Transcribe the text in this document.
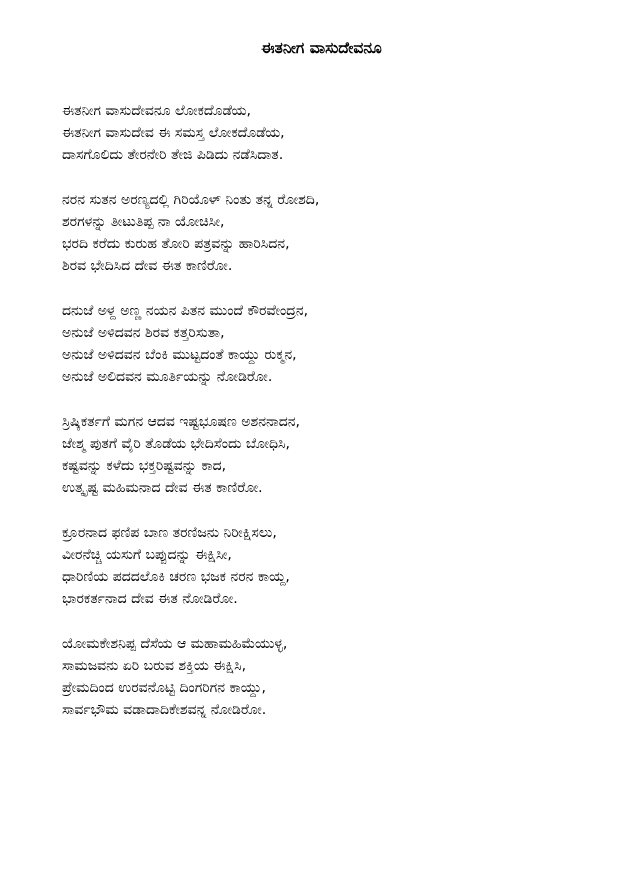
ಈತನೀಗ ವಾಸುದೇವನೂ
ಈತನೀಗ ವಾಸುದೇವನೂ ಲೋಕದೊಡೆಯ,
ಈತನೀಗ ವಾಸುದೇವ ಈ ಸಮಸ್ತ ಲೋಕದೊಡೆಯ,
ದಾಸಗೊಲಿದು ತೇರನೇರಿ ತೇಜಿ ಪಿಡಿದು ನಡೆಸಿದಾತ.
ನರನ ಸುತನ ಅರಣ್ಯದಲ್ಲಿ ಗಿರಿಯೊಳ್ ನಿಂತು ತನ್ನ ರೋಶದಿ,
ಶರಗಳನ್ನು ತೀಟುತಿಪ್ಪ ನಾ ಯೋಚಿಸೀ,
ಭರದಿ ಕರೆದು ಕುರುಹ ತೋರಿ ಪತ್ರವನ್ನು ಹಾರಿಸಿದನ,
ಶಿರವ ಭೇದಿಸಿದ ದೇವ ಈತ ಕಾಣಿರೋ.
ದನುಜೆ ಅಳ್ದ ಅಣ್ಣ ನಯನ ಪಿತನ ಮುಂದೆ ಕೌರವೇಂದ್ರನ,
ಅನುಜೆ ಅಳಿದವನ ಶಿರವ ಕತ್ತರಿಸುತಾ,
ಅನುಜೆ ಅಳಿದವನ ಬೆಂಕಿ ಮುಟ್ಟದಂತೆ ಕಾಯ್ದು ರುಕ್ಮನ,
ಅನುಜೆ ಅಲಿದವನ ಮೂರ್ತಿಯನ್ನು ನೋಡಿರೋ.
ಸ್ರಿಷ್ಕಿಕರ್ತಗೆ ಮಗನ ಆದವ ಇಷ್ಟಭೂಷಣ ಅಶನನಾದನ,
ಜೇಶ್ಮ ಪುತಗೆ ವೈರಿ ತೊಡೆಯ ಭೇದಿಸೆಂದು ಬೋಧಿಸಿ,
ಕಷ್ಟವನ್ನು ಕಳೆದು ಭಕ್ತರಿಷ್ಟವನ್ನು ಕಾದ,
ಉತ್ಕೃಷ್ಟ ಮಹಿಮನಾದ ದೇವ ಈತ ಕಾಣಿರೋ.
ಕ್ರೂರನಾದ ಫಣಿಪ ಬಾಣ ತರಣಿಜನು ನಿರೀಕ್ಷಿಸಲು,
ವೀರನೆಚ್ಚಿ ಯಸುಗೆ ಬಪ್ಪುದನ್ನು ಈಕ್ಷಿಸೀ,
ಧಾರಿಣಿಯ ಪದದಲೊಕಿ ಚರಣ ಭಜಕ ನರನ ಕಾಯ್ದ,
ಭಾರಕರ್ತನಾದ ದೇವ ಈತ ನೋಡಿರೋ.
ಯೋಮಕೇಶನಿಪ್ಪ ದೆಸೆಯ ಆ ಮಹಾಮಹಿಮೆಯುಳ್ಳ,
ಸಾಮಜವನು ಏರಿ ಬರುವ ಶಕ್ತಿಯ ಈಕ್ಷಿಸಿ,
ಪ್ರೇಮದಿಂದ ಉರವನೊಟ್ಟಿ ದಿಂಗರಿಗನ ಕಾಯ್ದು,
ಸಾರ್ವಭೌಮ ವಡಾದಾದಿಕೇಶವನ್ನ ನೋಡಿರೋ.
